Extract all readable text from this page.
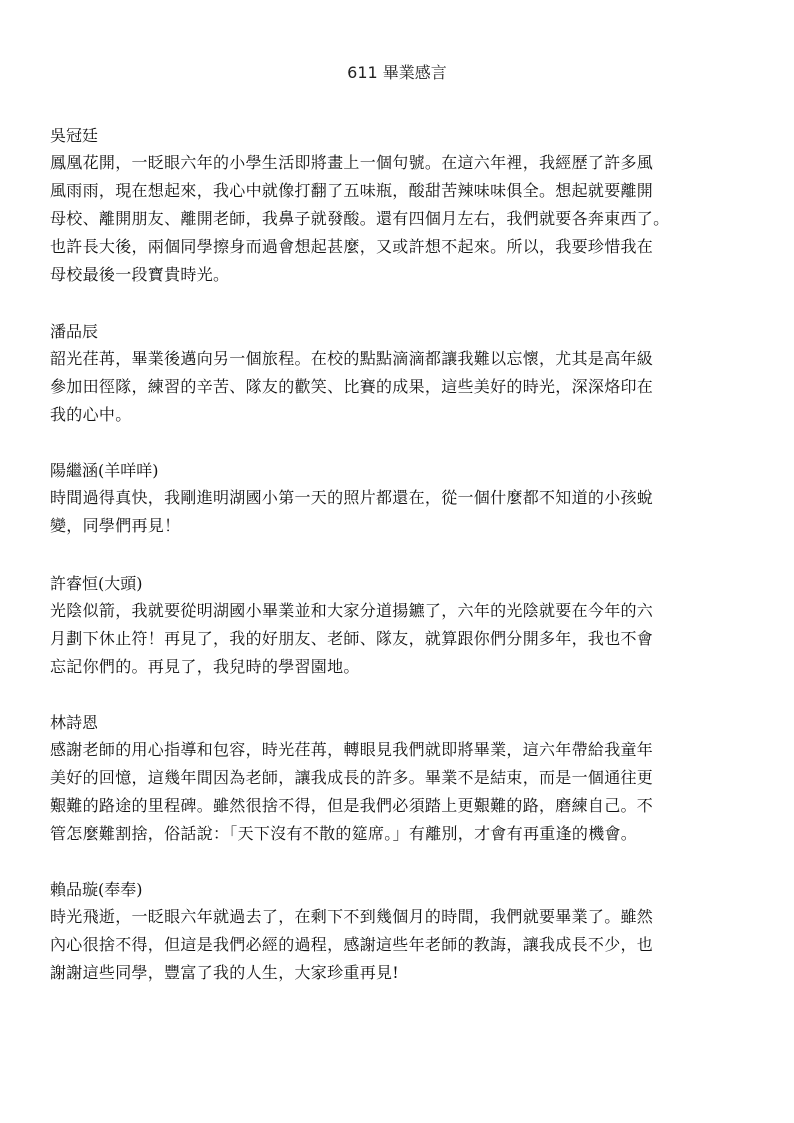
611 畢業感言
吳冠廷
鳳凰花開，一眨眼六年的小學生活即將畫上一個句號。在這六年裡，我經歷了許多風
風雨雨，現在想起來，我心中就像打翻了五味瓶，酸甜苦辣味味俱全。想起就要離開
母校、離開朋友、離開老師，我鼻子就發酸。還有四個月左右，我們就要各奔東西了。
也許長大後，兩個同學擦身而過會想起甚麼，又或許想不起來。所以，我要珍惜我在
母校最後一段寶貴時光。
潘品辰
韶光荏苒，畢業後邁向另一個旅程。在校的點點滴滴都讓我難以忘懷，尤其是高年級
參加田徑隊，練習的辛苦、隊友的歡笑、比賽的成果，這些美好的時光，深深烙印在
我的心中。
陽繼涵(羊咩咩)
時間過得真快，我剛進明湖國小第一天的照片都還在，從一個什麼都不知道的小孩蛻
變，同學們再見！
許睿恒(大頭)
光陰似箭，我就要從明湖國小畢業並和大家分道揚鑣了，六年的光陰就要在今年的六
月劃下休止符！再見了，我的好朋友、老師、隊友，就算跟你們分開多年，我也不會
忘記你們的。再見了，我兒時的學習園地。
林詩恩
感謝老師的用心指導和包容，時光荏苒，轉眼見我們就即將畢業，這六年帶給我童年
美好的回憶，這幾年間因為老師，讓我成長的許多。畢業不是結束，而是一個通往更
艱難的路途的里程碑。雖然很捨不得，但是我們必須踏上更艱難的路，磨練自己。不
管怎麼難割捨，俗話說：「天下沒有不散的筵席。」有離別，才會有再重逢的機會。
賴品璇(奉奉)
時光飛逝，一眨眼六年就過去了，在剩下不到幾個月的時間，我們就要畢業了。雖然
內心很捨不得，但這是我們必經的過程，感謝這些年老師的教誨，讓我成長不少，也
謝謝這些同學，豐富了我的人生，大家珍重再見!
